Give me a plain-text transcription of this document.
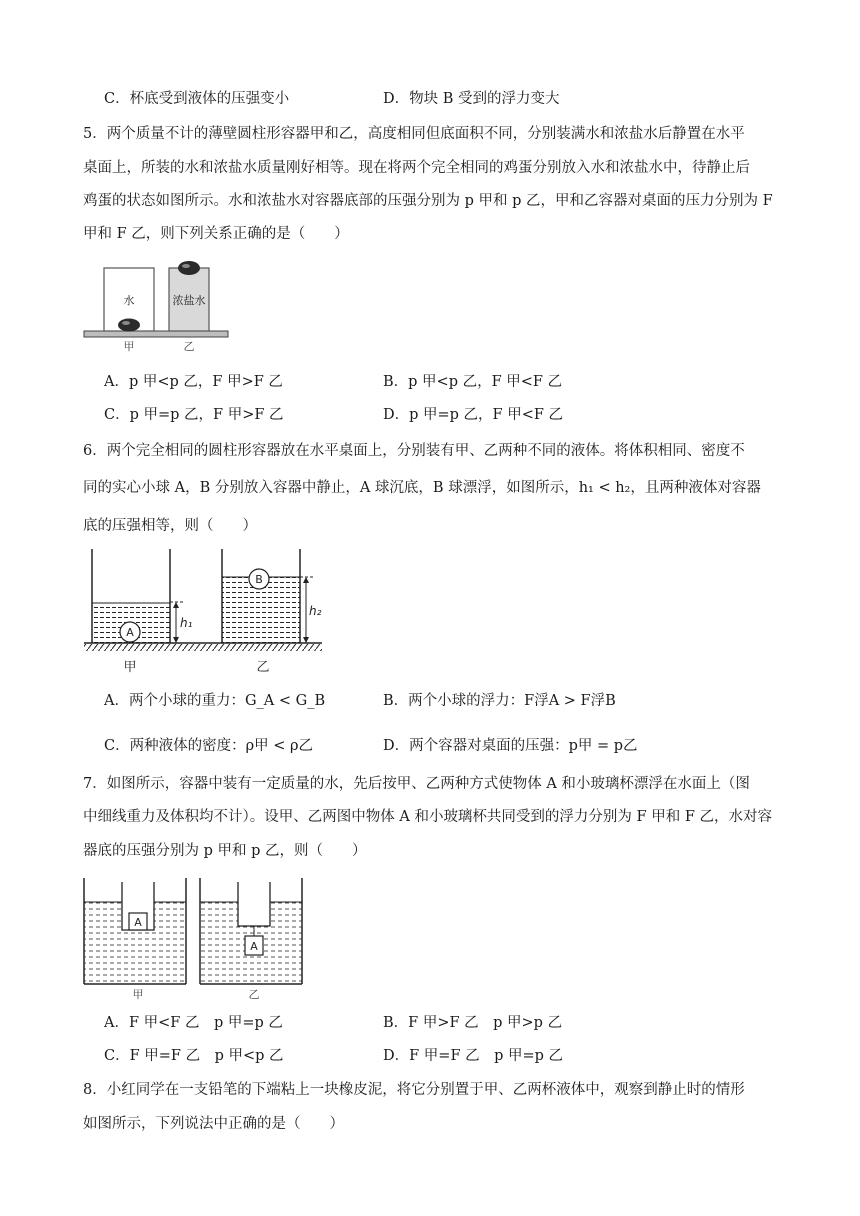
C．杯底受到液体的压强变小	D．物块 B 受到的浮力变大
5．两个质量不计的薄壁圆柱形容器甲和乙，高度相同但底面积不同，分别装满水和浓盐水后静置在水平
桌面上，所装的水和浓盐水质量刚好相等。现在将两个完全相同的鸡蛋分别放入水和浓盐水中，待静止后
鸡蛋的状态如图所示。水和浓盐水对容器底部的压强分别为 p 甲和 p 乙，甲和乙容器对桌面的压力分别为 F
甲和 F 乙，则下列关系正确的是（　　）
水	浓盐水
甲	乙
A．p 甲<p 乙，F 甲>F 乙	B．p 甲<p 乙，F 甲<F 乙
C．p 甲=p 乙，F 甲>F 乙	D．p 甲=p 乙，F 甲<F 乙
6．两个完全相同的圆柱形容器放在水平桌面上，分别装有甲、乙两种不同的液体。将体积相同、密度不
同的实心小球 A，B 分别放入容器中静止，A 球沉底，B 球漂浮，如图所示，h₁ < h₂，且两种液体对容器
底的压强相等，则（　　）
A
h₁
甲
B
h₂
乙
A．两个小球的重力：G_A < G_B	B．两个小球的浮力：F浮A > F浮B
C．两种液体的密度：ρ甲 < ρ乙	D．两个容器对桌面的压强：p甲 = p乙
7．如图所示，容器中装有一定质量的水，先后按甲、乙两种方式使物体 A 和小玻璃杯漂浮在水面上（图
中细线重力及体积均不计）。设甲、乙两图中物体 A 和小玻璃杯共同受到的浮力分别为 F 甲和 F 乙，水对容
器底的压强分别为 p 甲和 p 乙，则（　　）
A
甲
A
乙
A．F 甲<F 乙　p 甲=p 乙	B．F 甲>F 乙　p 甲>p 乙
C．F 甲=F 乙　p 甲<p 乙	D．F 甲=F 乙　p 甲=p 乙
8．小红同学在一支铅笔的下端粘上一块橡皮泥，将它分别置于甲、乙两杯液体中，观察到静止时的情形
如图所示，下列说法中正确的是（　　）
